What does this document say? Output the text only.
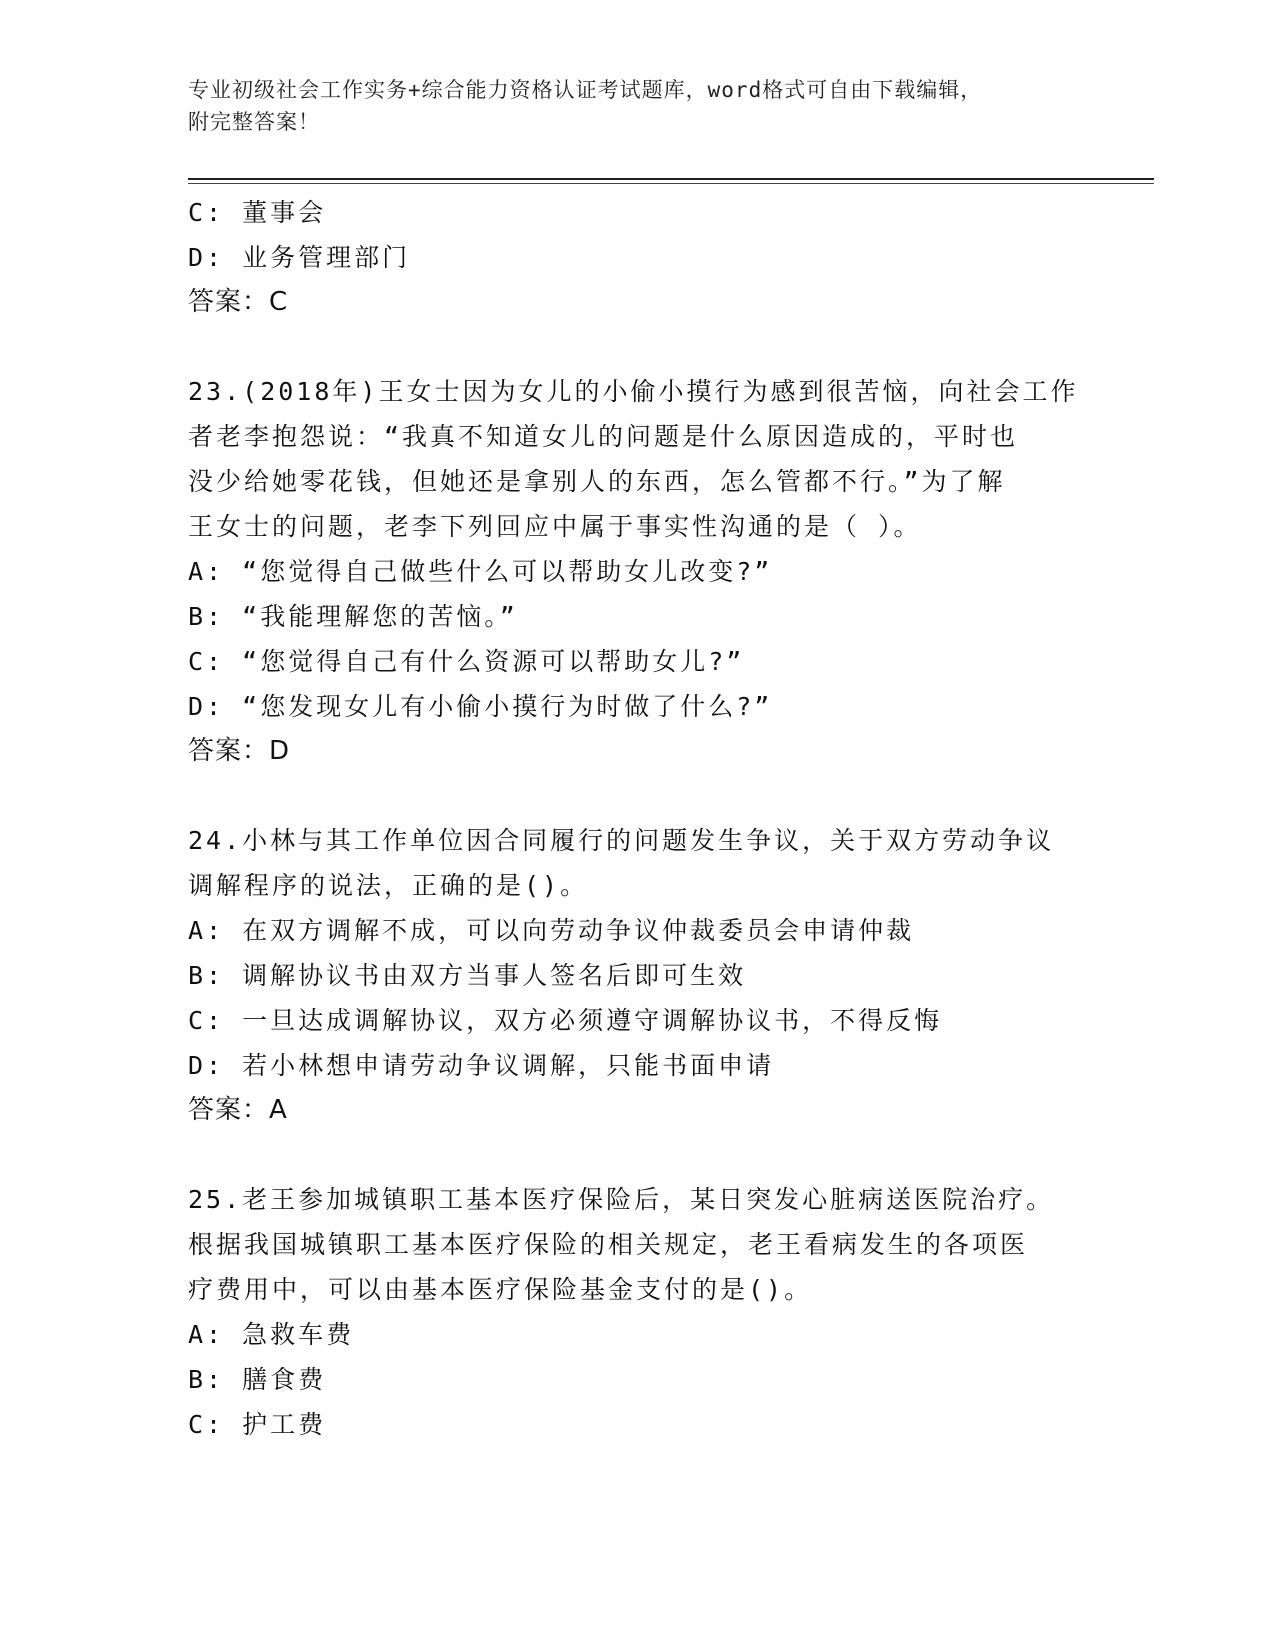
专业初级社会工作实务+综合能力资格认证考试题库，word格式可自由下载编辑，
附完整答案！
C: 董事会
D: 业务管理部门
答案：C
23.(2018年)王女士因为女儿的小偷小摸行为感到很苦恼，向社会工作
者老李抱怨说：“我真不知道女儿的问题是什么原因造成的，平时也
没少给她零花钱，但她还是拿别人的东西，怎么管都不行。”为了解
王女士的问题，老李下列回应中属于事实性沟通的是（ ）。
A: “您觉得自己做些什么可以帮助女儿改变?”
B: “我能理解您的苦恼。”
C: “您觉得自己有什么资源可以帮助女儿?”
D: “您发现女儿有小偷小摸行为时做了什么?”
答案：D
24.小林与其工作单位因合同履行的问题发生争议，关于双方劳动争议
调解程序的说法，正确的是()。
A: 在双方调解不成，可以向劳动争议仲裁委员会申请仲裁
B: 调解协议书由双方当事人签名后即可生效
C: 一旦达成调解协议，双方必须遵守调解协议书，不得反悔
D: 若小林想申请劳动争议调解，只能书面申请
答案：A
25.老王参加城镇职工基本医疗保险后，某日突发心脏病送医院治疗。
根据我国城镇职工基本医疗保险的相关规定，老王看病发生的各项医
疗费用中，可以由基本医疗保险基金支付的是()。
A: 急救车费
B: 膳食费
C: 护工费
